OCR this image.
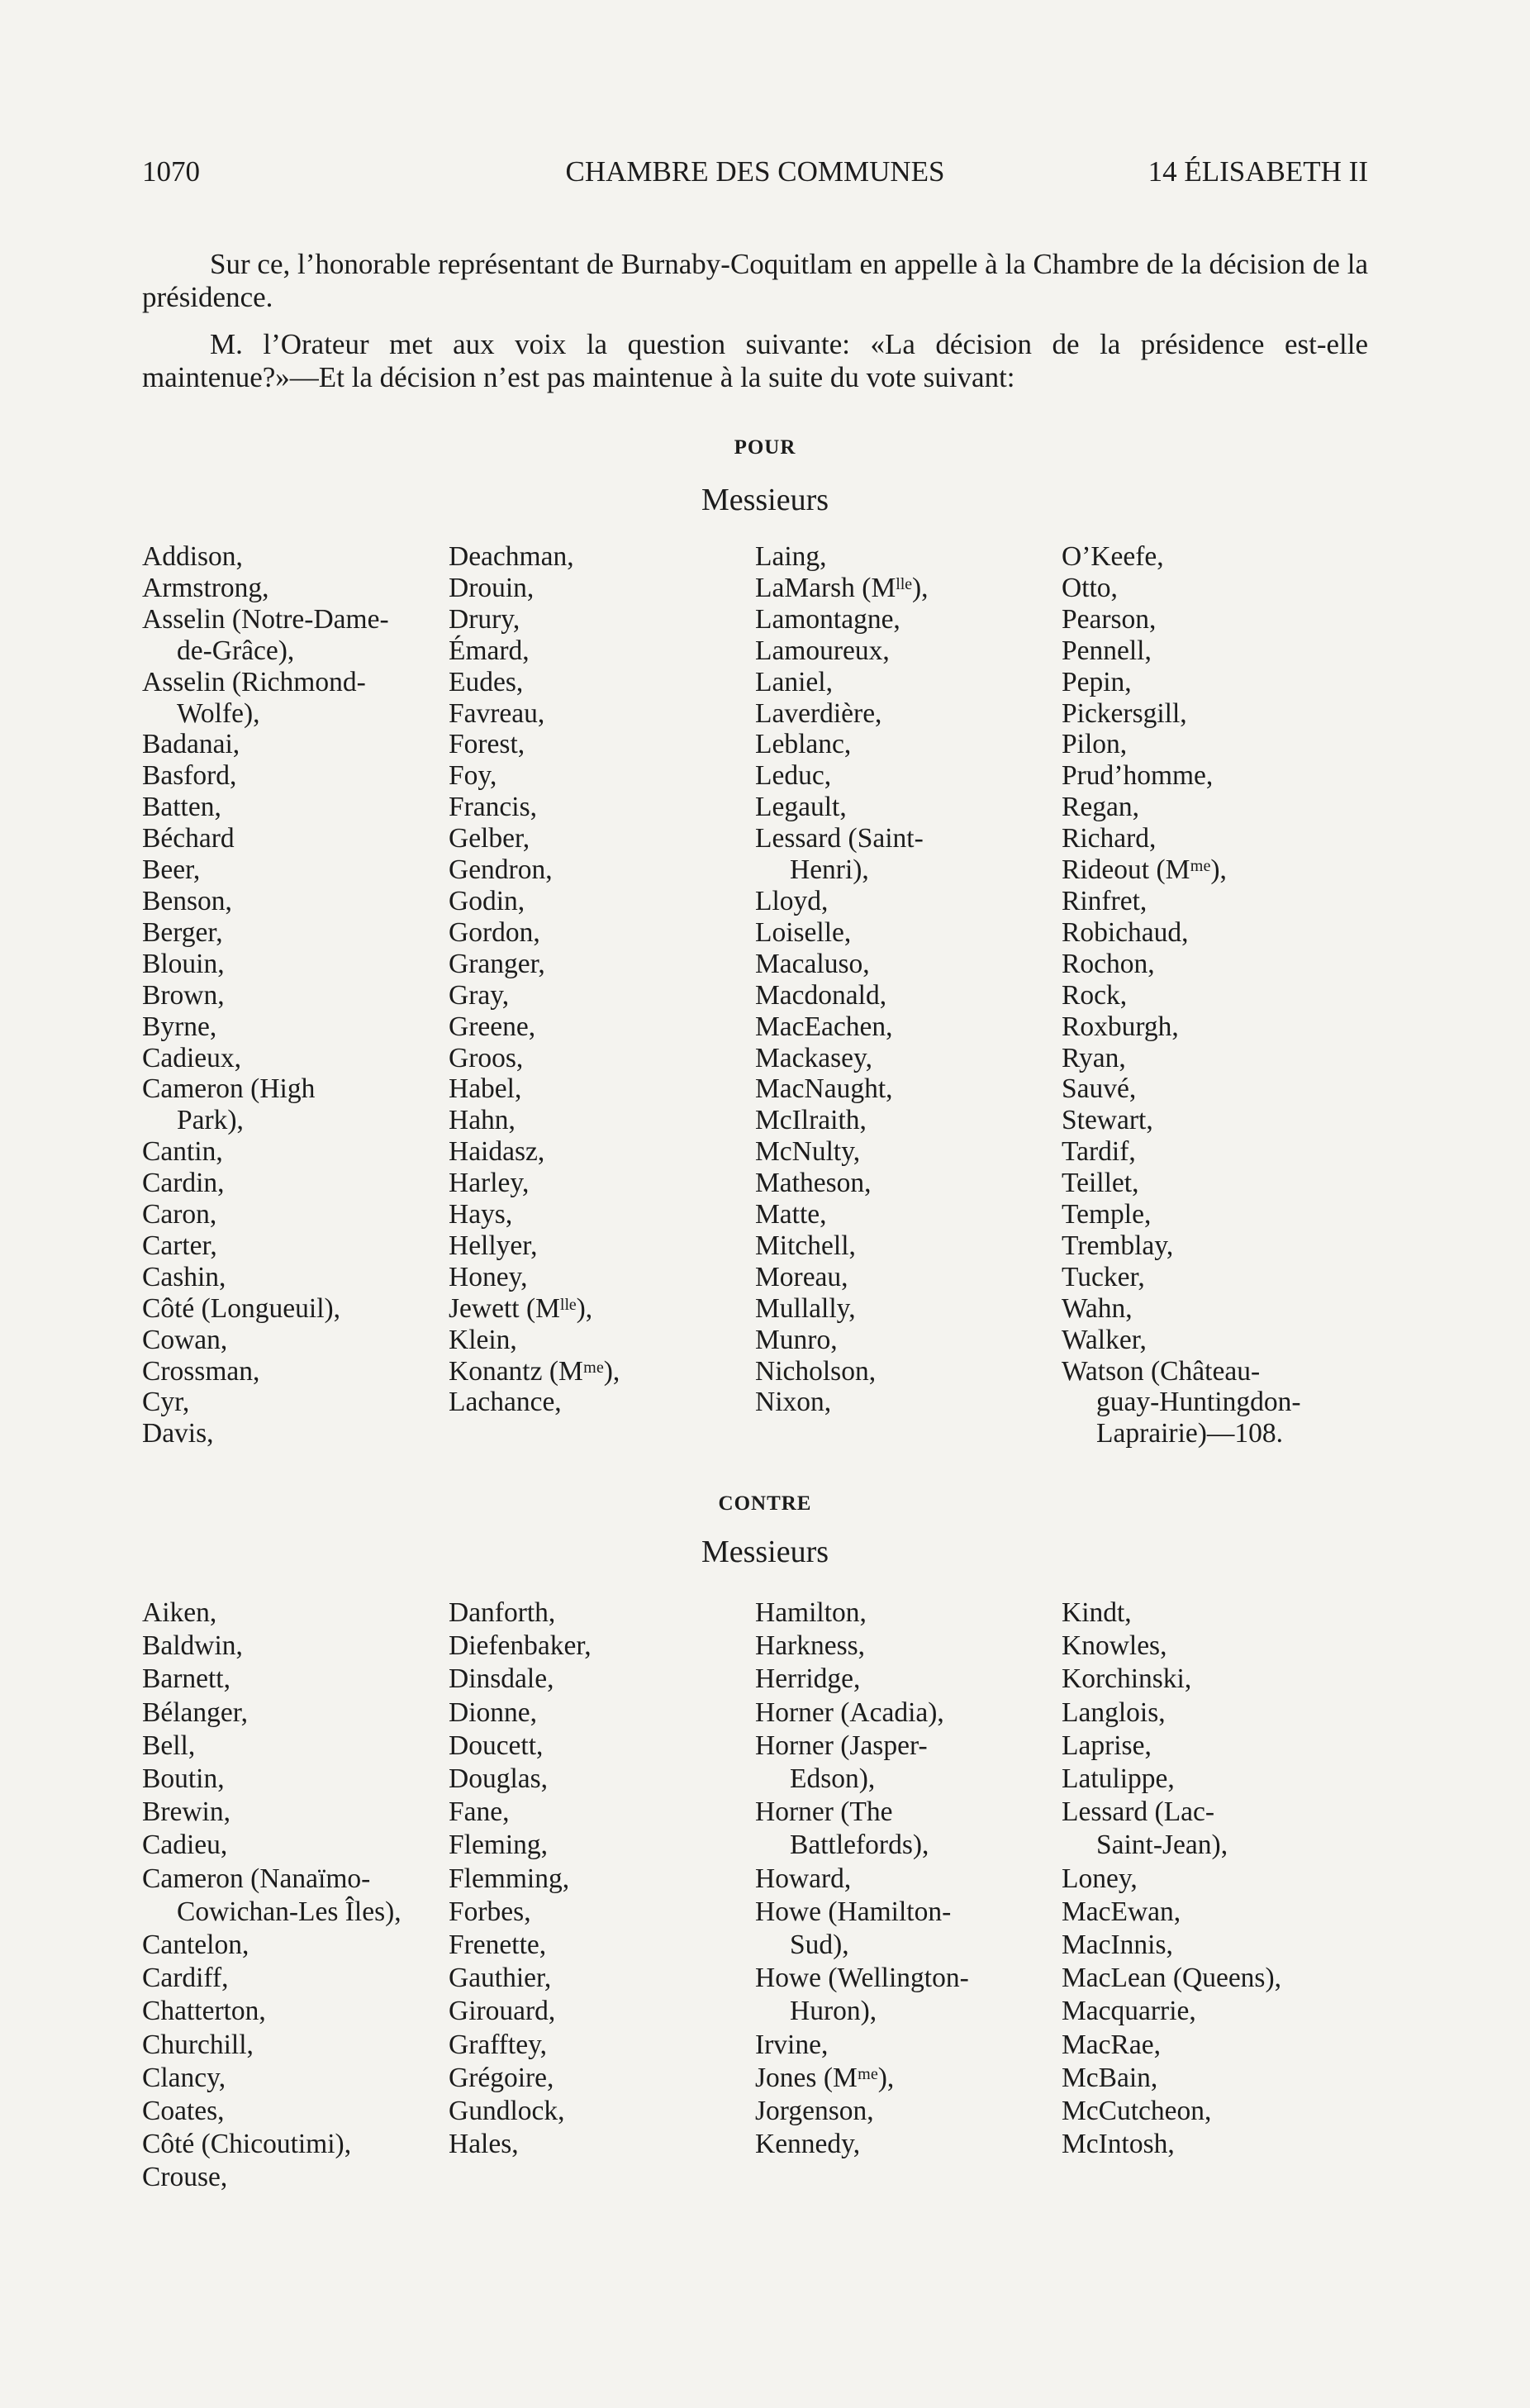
1070	CHAMBRE DES COMMUNES	14 ÉLISABETH II

Sur ce, l’honorable représentant de Burnaby-Coquitlam en appelle à la Chambre de la décision de la présidence.

M. l’Orateur met aux voix la question suivante: «La décision de la présidence est-elle maintenue?»—Et la décision n’est pas maintenue à la suite du vote suivant:

POUR
Messieurs
Addison,
Armstrong,
Asselin (Notre-Dame-
de-Grâce),
Asselin (Richmond-
Wolfe),
Badanai,
Basford,
Batten,
Béchard
Beer,
Benson,
Berger,
Blouin,
Brown,
Byrne,
Cadieux,
Cameron (High
Park),
Cantin,
Cardin,
Caron,
Carter,
Cashin,
Côté (Longueuil),
Cowan,
Crossman,
Cyr,
Davis,
Deachman,
Drouin,
Drury,
Émard,
Eudes,
Favreau,
Forest,
Foy,
Francis,
Gelber,
Gendron,
Godin,
Gordon,
Granger,
Gray,
Greene,
Groos,
Habel,
Hahn,
Haidasz,
Harley,
Hays,
Hellyer,
Honey,
Jewett (Mˡˡᵉ),
Klein,
Konantz (Mᵐᵉ),
Lachance,
Laing,
LaMarsh (Mˡˡᵉ),
Lamontagne,
Lamoureux,
Laniel,
Laverdière,
Leblanc,
Leduc,
Legault,
Lessard (Saint-
Henri),
Lloyd,
Loiselle,
Macaluso,
Macdonald,
MacEachen,
Mackasey,
MacNaught,
McIlraith,
McNulty,
Matheson,
Matte,
Mitchell,
Moreau,
Mullally,
Munro,
Nicholson,
Nixon,
O’Keefe,
Otto,
Pearson,
Pennell,
Pepin,
Pickersgill,
Pilon,
Prud’homme,
Regan,
Richard,
Rideout (Mᵐᵉ),
Rinfret,
Robichaud,
Rochon,
Rock,
Roxburgh,
Ryan,
Sauvé,
Stewart,
Tardif,
Teillet,
Temple,
Tremblay,
Tucker,
Wahn,
Walker,
Watson (Château-
guay-Huntingdon-
Laprairie)—108.
CONTRE
Messieurs
Aiken,
Baldwin,
Barnett,
Bélanger,
Bell,
Boutin,
Brewin,
Cadieu,
Cameron (Nanaïmo-
Cowichan-Les Îles),
Cantelon,
Cardiff,
Chatterton,
Churchill,
Clancy,
Coates,
Côté (Chicoutimi),
Crouse,
Danforth,
Diefenbaker,
Dinsdale,
Dionne,
Doucett,
Douglas,
Fane,
Fleming,
Flemming,
Forbes,
Frenette,
Gauthier,
Girouard,
Grafftey,
Grégoire,
Gundlock,
Hales,
Hamilton,
Harkness,
Herridge,
Horner (Acadia),
Horner (Jasper-
Edson),
Horner (The
Battlefords),
Howard,
Howe (Hamilton-
Sud),
Howe (Wellington-
Huron),
Irvine,
Jones (Mᵐᵉ),
Jorgenson,
Kennedy,
Kindt,
Knowles,
Korchinski,
Langlois,
Laprise,
Latulippe,
Lessard (Lac-
Saint-Jean),
Loney,
MacEwan,
MacInnis,
MacLean (Queens),
Macquarrie,
MacRae,
McBain,
McCutcheon,
McIntosh,
